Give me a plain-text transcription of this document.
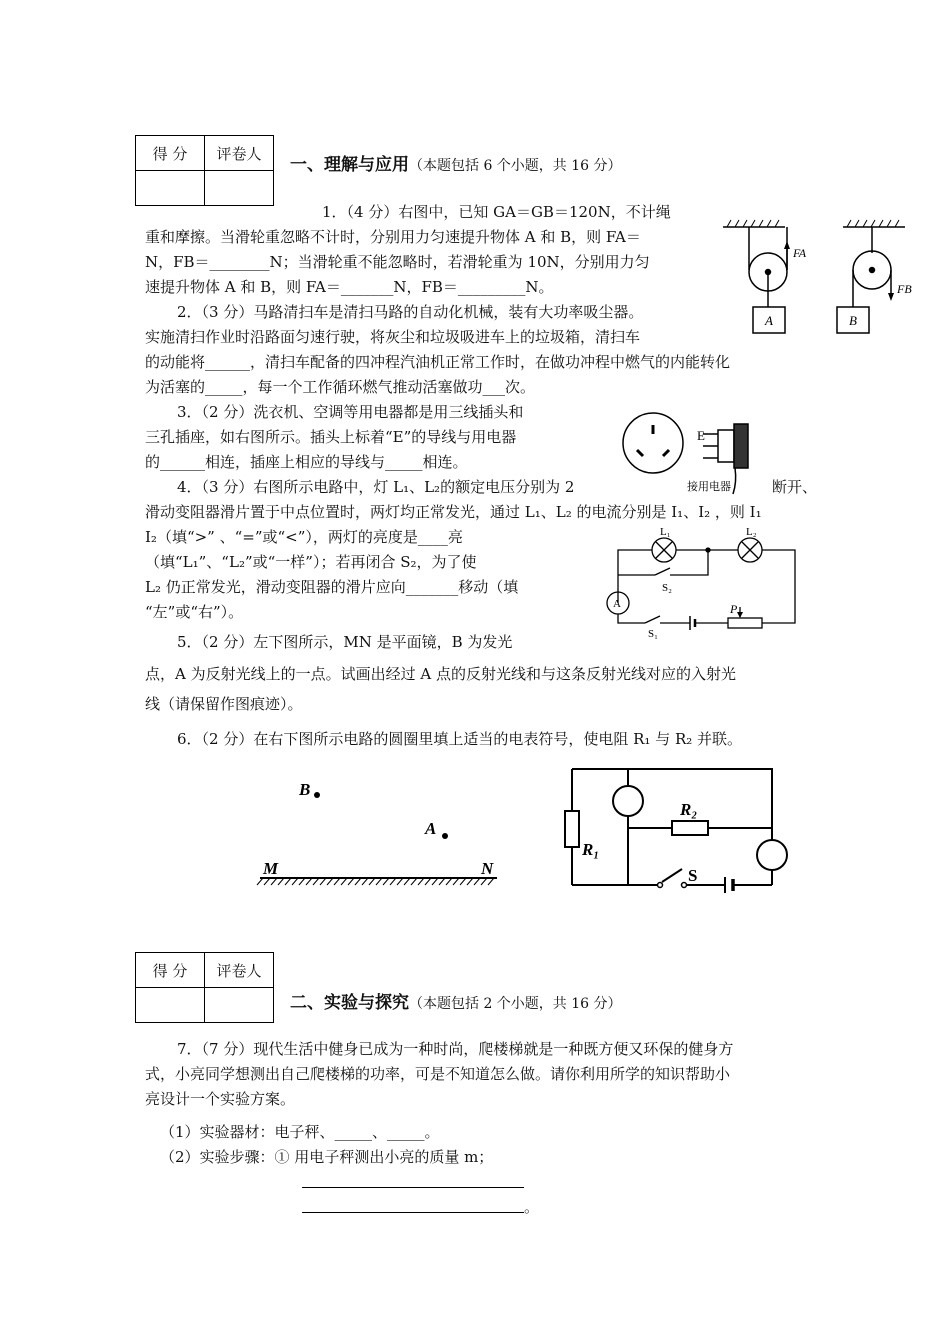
得 分	评卷人

一、理解与应用（本题包括 6 个小题，共 16 分）
1．（4 分）右图中，已知 GA＝GB＝120N，不计绳
重和摩擦。当滑轮重忽略不计时，分别用力匀速提升物体 A 和 B，则 FA＝
N，FB＝________N；当滑轮重不能忽略时，若滑轮重为 10N，分别用力匀
速提升物体 A 和 B，则 FA＝_______N，FB＝_________N。
FA
FB
A	B
2．（3 分）马路清扫车是清扫马路的自动化机械，装有大功率吸尘器。
实施清扫作业时沿路面匀速行驶，将灰尘和垃圾吸进车上的垃圾箱，清扫车
的动能将______，清扫车配备的四冲程汽油机正常工作时，在做功冲程中燃气的内能转化
为活塞的_____，每一个工作循环燃气推动活塞做功___次。
3．（2 分）洗衣机、空调等用电器都是用三线插头和
三孔插座，如右图所示。插头上标着“E”的导线与用电器
的______相连，插座上相应的导线与_____相连。
E
接用电器
4．（3 分）右图所示电路中，灯 L₁、L₂的额定电压分别为 2	断开、
滑动变阻器滑片置于中点位置时，两灯均正常发光，通过 L₁、L₂ 的电流分别是 I₁、I₂ ，则 I₁
I₂（填“>” 、“=”或“<”），两灯的亮度是____亮
（填“L₁”、“L₂”或“一样”）；若再闭合 S₂，为了使
L₂ 仍正常发光，滑动变阻器的滑片应向_______移动（填
“左”或“右”）。
L₁	L₂
S₂
S₁
A	P
5．（2 分）左下图所示，MN 是平面镜，B 为发光
点，A 为反射光线上的一点。试画出经过 A 点的反射光线和与这条反射光线对应的入射光
线（请保留作图痕迹）。
6．（2 分）在右下图所示电路的圆圈里填上适当的电表符号，使电阻 R₁ 与 R₂ 并联。
B
A
M	N
R₁
R₂
S
得 分	评卷人

二、实验与探究（本题包括 2 个小题，共 16 分）
7．（7 分）现代生活中健身已成为一种时尚，爬楼梯就是一种既方便又环保的健身方
式，小亮同学想测出自己爬楼梯的功率，可是不知道怎么做。请你利用所学的知识帮助小
亮设计一个实验方案。
（1）实验器材：电子秤、_____、_____。
（2）实验步骤：① 用电子秤测出小亮的质量 m；
。
